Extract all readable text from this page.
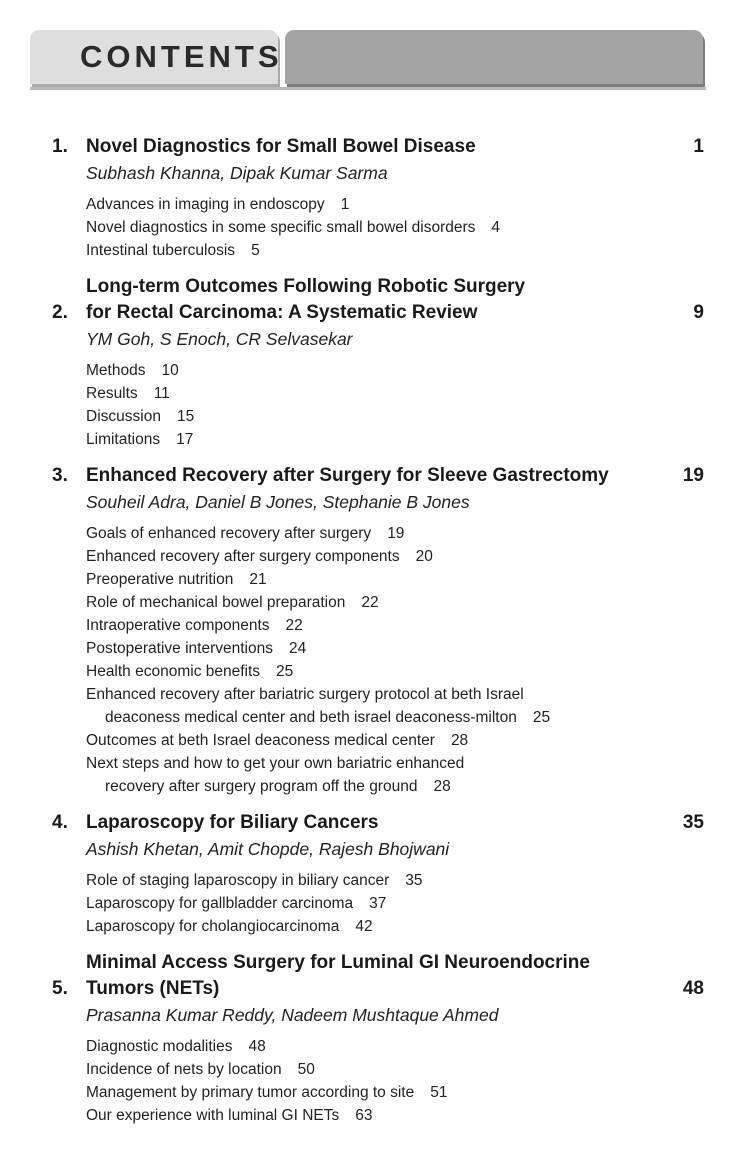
CONTENTS
1. Novel Diagnostics for Small Bowel Disease	1
Subhash Khanna, Dipak Kumar Sarma
Advances in imaging in endoscopy 1
Novel diagnostics in some specific small bowel disorders 4
Intestinal tuberculosis 5
2.
Long-term Outcomes Following Robotic Surgery
for Rectal Carcinoma: A Systematic Review	9
YM Goh, S Enoch, CR Selvasekar
Methods 10
Results 11
Discussion 15
Limitations 17
3. Enhanced Recovery after Surgery for Sleeve Gastrectomy	19
Souheil Adra, Daniel B Jones, Stephanie B Jones
Goals of enhanced recovery after surgery 19
Enhanced recovery after surgery components 20
Preoperative nutrition 21
Role of mechanical bowel preparation 22
Intraoperative components 22
Postoperative interventions 24
Health economic benefits 25
Enhanced recovery after bariatric surgery protocol at beth Israel
deaconess medical center and beth israel deaconess-milton 25
Outcomes at beth Israel deaconess medical center 28
Next steps and how to get your own bariatric enhanced
recovery after surgery program off the ground 28
4. Laparoscopy for Biliary Cancers	35
Ashish Khetan, Amit Chopde, Rajesh Bhojwani
Role of staging laparoscopy in biliary cancer 35
Laparoscopy for gallbladder carcinoma 37
Laparoscopy for cholangiocarcinoma 42
5.
Minimal Access Surgery for Luminal GI Neuroendocrine
Tumors (NETs)	48
Prasanna Kumar Reddy, Nadeem Mushtaque Ahmed
Diagnostic modalities 48
Incidence of nets by location 50
Management by primary tumor according to site 51
Our experience with luminal GI NETs 63
